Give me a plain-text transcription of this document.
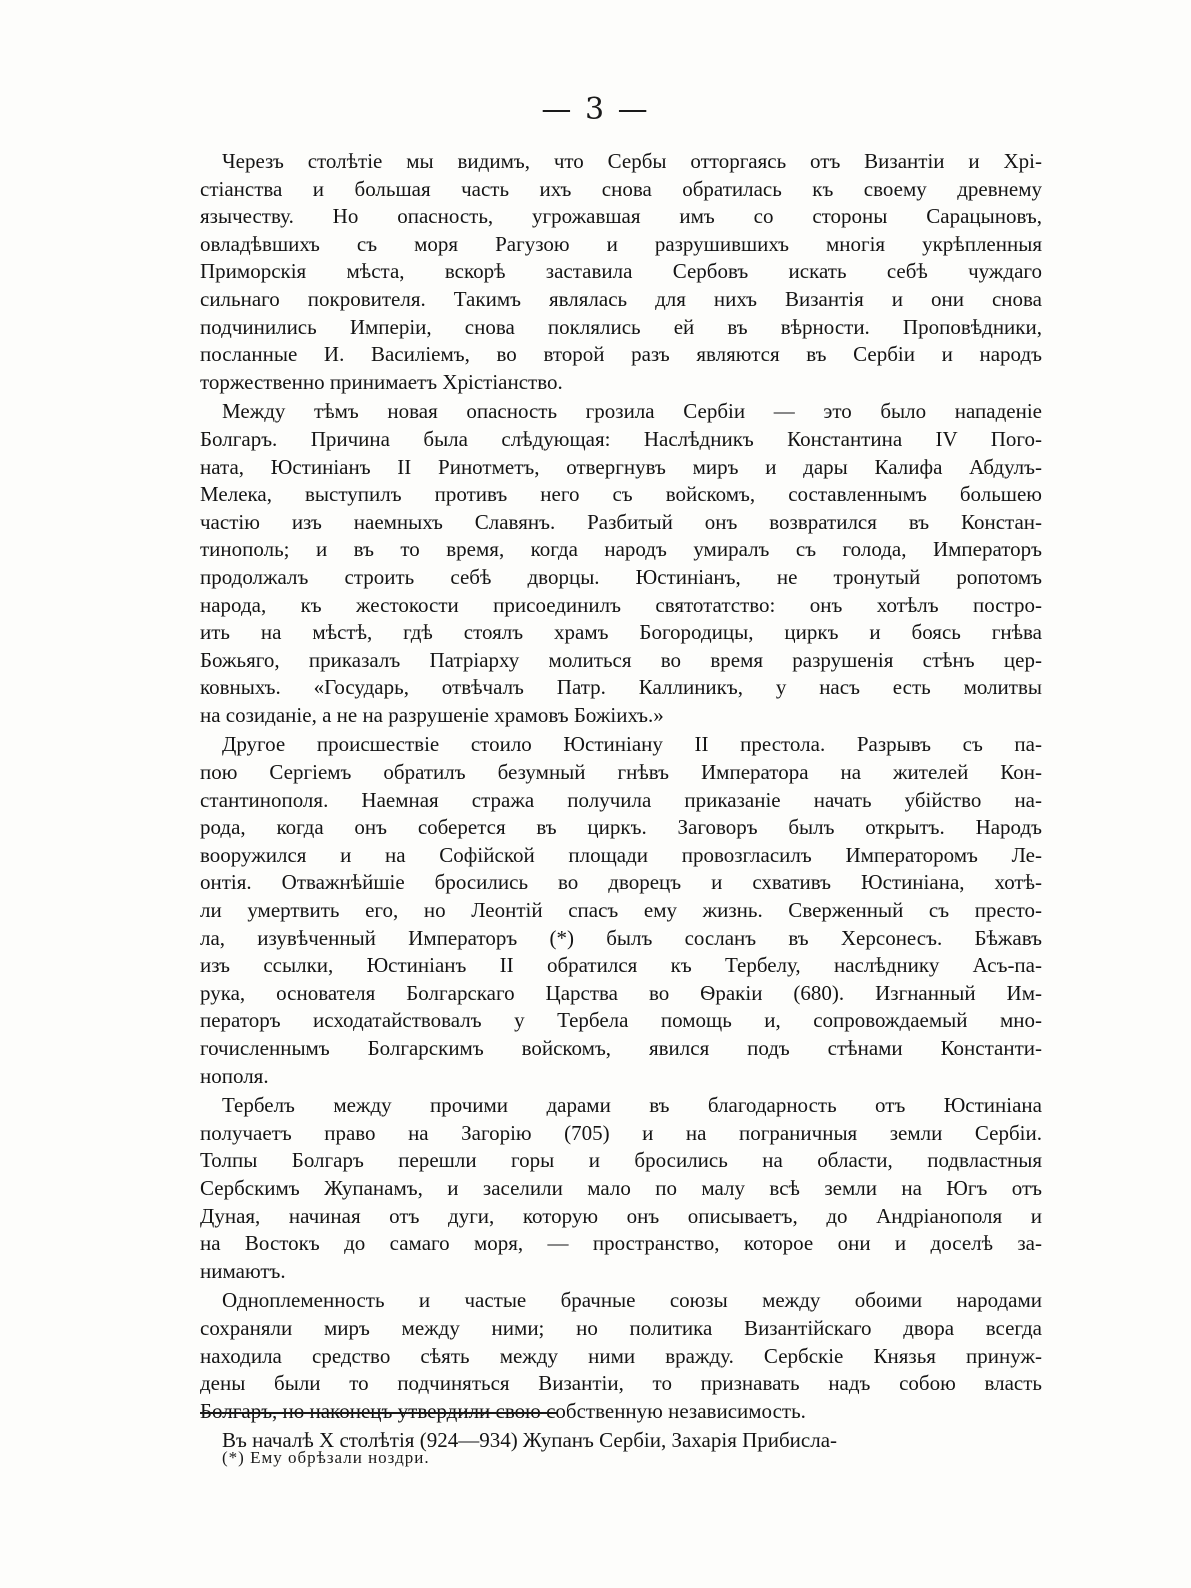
— 3 —
Черезъ столѣтіе мы видимъ, что Сербы отторгаясь отъ Византіи и Хрі-
стіанства и большая часть ихъ снова обратилась къ своему древнему
язычеству. Но опасность, угрожавшая имъ со стороны Сарацыновъ,
овладѣвшихъ съ моря Рагузою и разрушившихъ многія укрѣпленныя
Приморскія мѣста, вскорѣ заставила Сербовъ искать себѣ чуждаго
сильнаго покровителя. Такимъ являлась для нихъ Византія и они снова
подчинились Имперіи, снова поклялись ей въ вѣрности. Проповѣдники,
посланные И. Василіемъ, во второй разъ являются въ Сербіи и народъ
торжественно принимаетъ Хрістіанство.
Между тѣмъ новая опасность грозила Сербіи — это было нападеніе
Болгаръ. Причина была слѣдующая: Наслѣдникъ Константина IV Пого-
ната, Юстиніанъ II Ринотметъ, отвергнувъ миръ и дары Калифа Абдулъ-
Мелека, выступилъ противъ него съ войскомъ, составленнымъ большею
частію изъ наемныхъ Славянъ. Разбитый онъ возвратился въ Констан-
тинополь; и въ то время, когда народъ умиралъ съ голода, Императоръ
продолжалъ строить себѣ дворцы. Юстиніанъ, не тронутый ропотомъ
народа, къ жестокости присоединилъ святотатство: онъ хотѣлъ постро-
ить на мѣстѣ, гдѣ стоялъ храмъ Богородицы, циркъ и боясь гнѣва
Божьяго, приказалъ Патріарху молиться во время разрушенія стѣнъ цер-
ковныхъ. «Государь, отвѣчалъ Патр. Каллиникъ, у насъ есть молитвы
на созиданіе, а не на разрушеніе храмовъ Божіихъ.»
Другое происшествіе стоило Юстиніану II престола. Разрывъ съ па-
пою Сергіемъ обратилъ безумный гнѣвъ Императора на жителей Кон-
стантинополя. Наемная стража получила приказаніе начать убійство на-
рода, когда онъ соберется въ циркъ. Заговоръ былъ открытъ. Народъ
вооружился и на Софійской площади провозгласилъ Императоромъ Ле-
онтія. Отважнѣйшіе бросились во дворецъ и схвативъ Юстиніана, хотѣ-
ли умертвить его, но Леонтій спасъ ему жизнь. Сверженный съ престо-
ла, изувѣченный Императоръ (*) былъ сосланъ въ Херсонесъ. Бѣжавъ
изъ ссылки, Юстиніанъ II обратился къ Тербелу, наслѣднику Асъ-па-
рука, основателя Болгарскаго Царства во Ѳракіи (680). Изгнанный Им-
ператоръ исходатайствовалъ у Тербела помощь и, сопровождаемый мно-
гочисленнымъ Болгарскимъ войскомъ, явился подъ стѣнами Константи-
нополя.
Тербелъ между прочими дарами въ благодарность отъ Юстиніана
получаетъ право на Загорію (705) и на пограничныя земли Сербіи.
Толпы Болгаръ перешли горы и бросились на области, подвластныя
Сербскимъ Жупанамъ, и заселили мало по малу всѣ земли на Югъ отъ
Дуная, начиная отъ дуги, которую онъ описываетъ, до Андріанополя и
на Востокъ до самаго моря, — пространство, которое они и доселѣ за-
нимаютъ.
Одноплеменность и частые брачные союзы между обоими народами
сохраняли миръ между ними; но политика Византійскаго двора всегда
находила средство сѣять между ними вражду. Сербскіе Князья принуж-
дены были то подчиняться Византіи, то признавать надъ собою власть
Болгаръ, но наконецъ утвердили свою собственную независимость.
Въ началѣ X столѣтія (924—934) Жупанъ Сербіи, Захарія Прибисла-
(*) Ему обрѣзали ноздри.
